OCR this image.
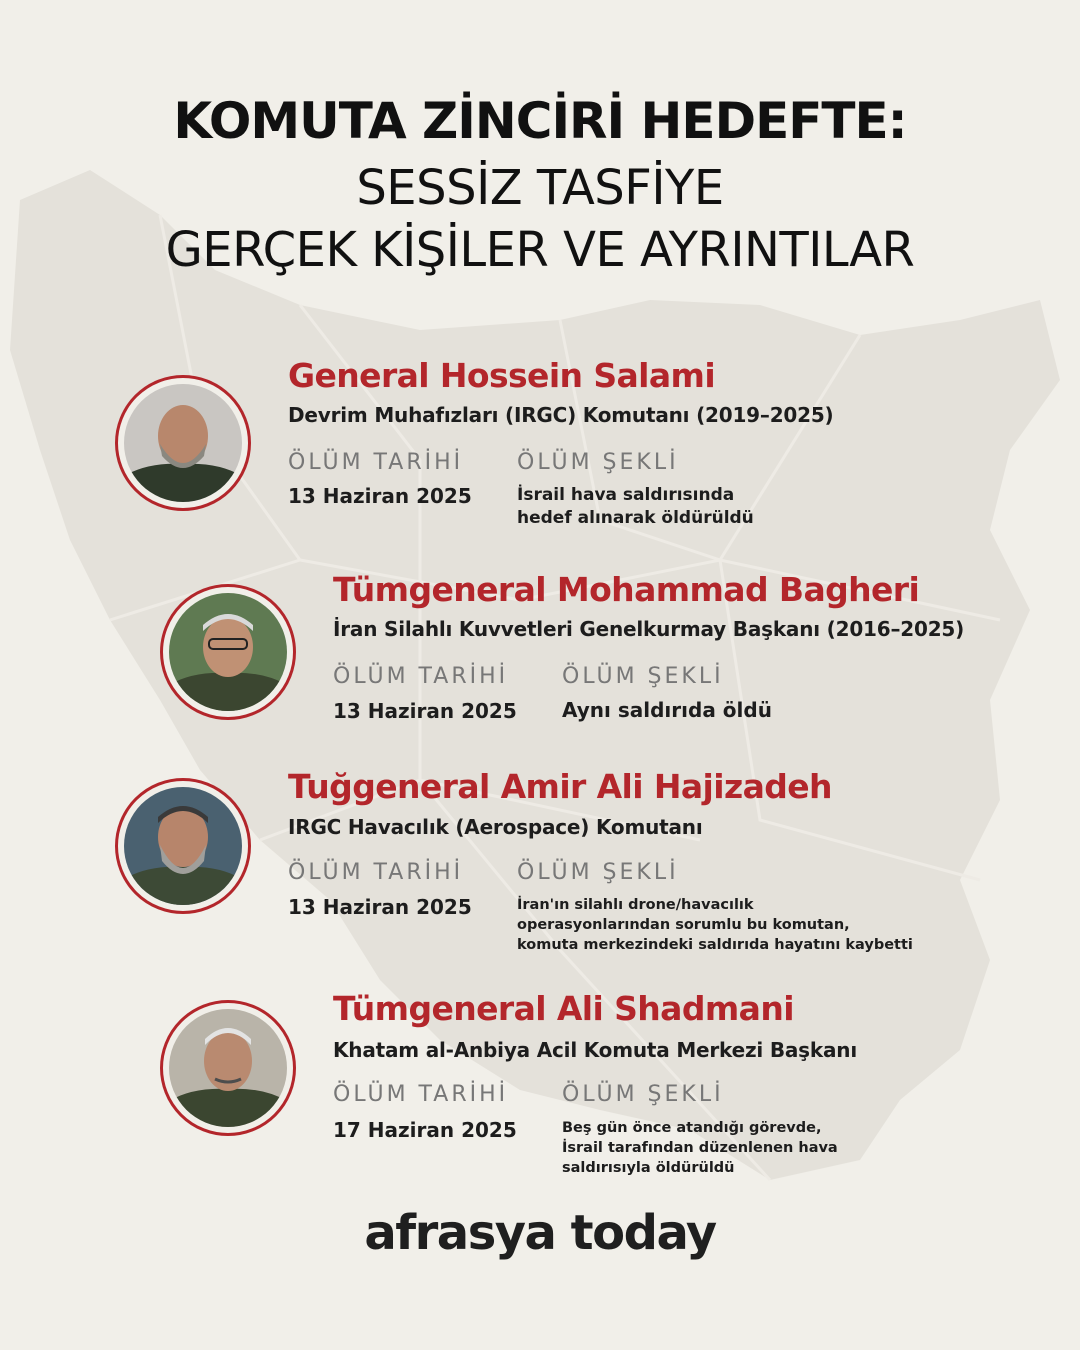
KOMUTA ZİNCİRİ HEDEFTE:
SESSİZ TASFİYE
GERÇEK KİŞİLER VE AYRINTILAR
General Hossein Salami
Devrim Muhafızları (IRGC) Komutanı (2019–2025)
ÖLÜM TARİHİ ÖLÜM ŞEKLİ
13 Haziran 2025	İsrail hava saldırısında
hedef alınarak öldürüldü
Tümgeneral Mohammad Bagheri
İran Silahlı Kuvvetleri Genelkurmay Başkanı (2016–2025)
ÖLÜM TARİHİ ÖLÜM ŞEKLİ
13 Haziran 2025 Aynı saldırıda öldü
Tuğgeneral Amir Ali Hajizadeh
IRGC Havacılık (Aerospace) Komutanı
ÖLÜM TARİHİ ÖLÜM ŞEKLİ
13 Haziran 2025	İran'ın silahlı drone/havacılık
operasyonlarından sorumlu bu komutan,
komuta merkezindeki saldırıda hayatını kaybetti
Tümgeneral Ali Shadmani
Khatam al-Anbiya Acil Komuta Merkezi Başkanı
ÖLÜM TARİHİ ÖLÜM ŞEKLİ
17 Haziran 2025	Beş gün önce atandığı görevde,
İsrail tarafından düzenlenen hava
saldırısıyla öldürüldü
afrasya today
